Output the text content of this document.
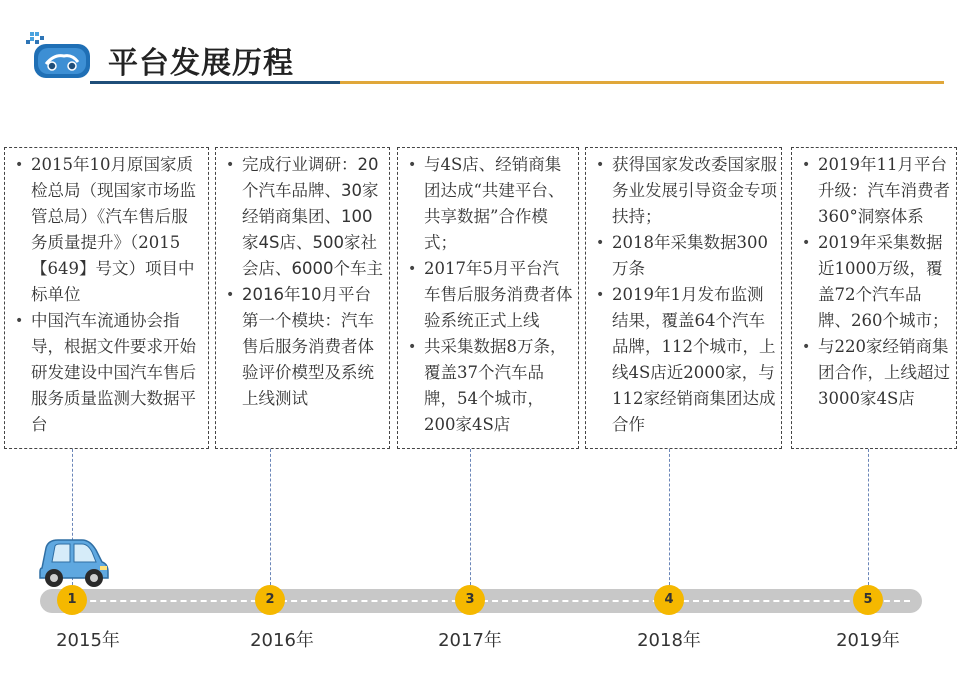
平台发展历程
• 2015年10月原国家质检总局（现国家市场监管总局）《汽车售后服务质量提升》（2015【649】号文）项目中标单位
• 中国汽车流通协会指导，根据文件要求开始研发建设中国汽车售后服务质量监测大数据平台
• 完成行业调研：20个汽车品牌、30家经销商集团、100家4S店、500家社会店、6000个车主
• 2016年10月平台第一个模块：汽车售后服务消费者体验评价模型及系统上线测试
• 与4S店、经销商集团达成“共建平台、共享数据”合作模式；
• 2017年5月平台汽车售后服务消费者体验系统正式上线
• 共采集数据8万条，覆盖37个汽车品牌，54个城市，200家4S店
• 获得国家发改委国家服务业发展引导资金专项扶持；
• 2018年采集数据300万条
• 2019年1月发布监测结果，覆盖64个汽车品牌，112个城市，上线4S店近2000家，与112家经销商集团达成合作
• 2019年11月平台升级：汽车消费者360°洞察体系
• 2019年采集数据近1000万级，覆盖72个汽车品牌、260个城市；
• 与220家经销商集团合作，上线超过3000家4S店
1	2	3	4	5
2015年	2016年	2017年	2018年	2019年
